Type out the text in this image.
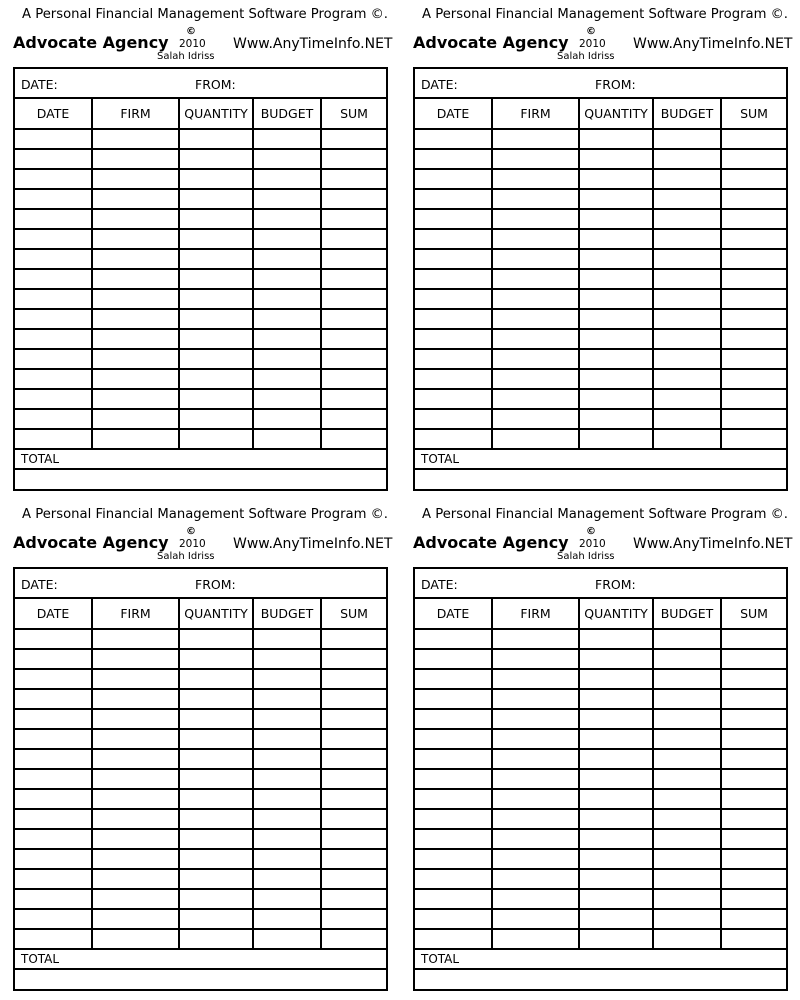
A Personal Financial Management Software Program ©.
Advocate Agency
©
2010
Salah Idriss
Www.AnyTimeInfo.NET
DATE:	FROM:
DATE	FIRM	QUANTITY	BUDGET	SUM

TOTAL
A Personal Financial Management Software Program ©.
Advocate Agency
©
2010
Salah Idriss
Www.AnyTimeInfo.NET
DATE:	FROM:
DATE	FIRM	QUANTITY	BUDGET	SUM

TOTAL
A Personal Financial Management Software Program ©.
Advocate Agency
©
2010
Salah Idriss
Www.AnyTimeInfo.NET
DATE:	FROM:
DATE	FIRM	QUANTITY	BUDGET	SUM

TOTAL
A Personal Financial Management Software Program ©.
Advocate Agency
©
2010
Salah Idriss
Www.AnyTimeInfo.NET
DATE:	FROM:
DATE	FIRM	QUANTITY	BUDGET	SUM

TOTAL
